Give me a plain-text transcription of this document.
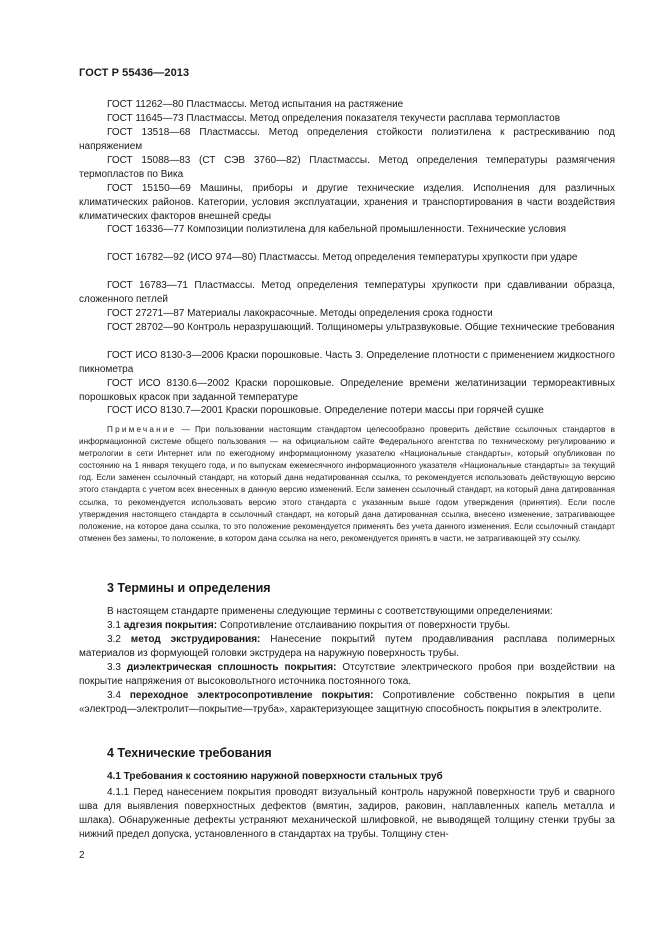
ГОСТ Р 55436—2013

ГОСТ 11262—80 Пластмассы. Метод испытания на растяжение

ГОСТ 11645—73 Пластмассы. Метод определения показателя текучести расплава термопластов

ГОСТ 13518—68 Пластмассы. Метод определения стойкости полиэтилена к растрескиванию под напряжением

ГОСТ 15088—83 (СТ СЭВ 3760—82) Пластмассы. Метод определения температуры размягчения термопластов по Вика

ГОСТ 15150—69 Машины, приборы и другие технические изделия. Исполнения для различных климатических районов. Категории, условия эксплуатации, хранения и транспортирования в части воздействия климатических факторов внешней среды

ГОСТ 16336—77 Композиции полиэтилена для кабельной промышленности. Технические условия

ГОСТ 16782—92 (ИСО 974—80) Пластмассы. Метод определения температуры хрупкости при ударе

ГОСТ 16783—71 Пластмассы. Метод определения температуры хрупкости при сдавливании образца, сложенного петлей

ГОСТ 27271—87 Материалы лакокрасочные. Методы определения срока годности

ГОСТ 28702—90 Контроль неразрушающий. Толщиномеры ультразвуковые. Общие технические требования

ГОСТ ИСО 8130-3—2006 Краски порошковые. Часть 3. Определение плотности с применением жидкостного пикнометра

ГОСТ ИСО 8130.6—2002 Краски порошковые. Определение времени желатинизации термореактивных порошковых красок при заданной температуре

ГОСТ ИСО 8130.7—2001 Краски порошковые. Определение потери массы при горячей сушке

Примечание — При пользовании настоящим стандартом целесообразно проверить действие ссылочных стандартов в информационной системе общего пользования — на официальном сайте Федерального агентства по техническому регулированию и метрологии в сети Интернет или по ежегодному информационному указателю «Национальные стандарты», который опубликован по состоянию на 1 января текущего года, и по выпускам ежемесячного информационного указателя «Национальные стандарты» за текущий год. Если заменен ссылочный стандарт, на который дана недатированная ссылка, то рекомендуется использовать действующую версию этого стандарта с учетом всех внесенных в данную версию изменений. Если заменен ссылочный стандарт, на который дана датированная ссылка, то рекомендуется использовать версию этого стандарта с указанным выше годом утверждения (принятия). Если после утверждения настоящего стандарта в ссылочный стандарт, на который дана датированная ссылка, внесено изменение, затрагивающее положение, на которое дана ссылка, то это положение рекомендуется применять без учета данного изменения. Если ссылочный стандарт отменен без замены, то положение, в котором дана ссылка на него, рекомендуется принять в части, не затрагивающей эту ссылку.

3 Термины и определения

В настоящем стандарте применены следующие термины с соответствующими определениями:

3.1 адгезия покрытия: Сопротивление отслаиванию покрытия от поверхности трубы.

3.2 метод экструдирования: Нанесение покрытий путем продавливания расплава полимерных материалов из формующей головки экструдера на наружную поверхность трубы.

3.3 диэлектрическая сплошность покрытия: Отсутствие электрического пробоя при воздействии на покрытие напряжения от высоковольтного источника постоянного тока.

3.4 переходное электросопротивление покрытия: Сопротивление собственно покрытия в цепи «электрод—электролит—покрытие—труба», характеризующее защитную способность покрытия в электролите.

4 Технические требования
4.1 Требования к состоянию наружной поверхности стальных труб

4.1.1 Перед нанесением покрытия проводят визуальный контроль наружной поверхности труб и сварного шва для выявления поверхностных дефектов (вмятин, задиров, раковин, наплавленных капель металла и шлака). Обнаруженные дефекты устраняют механической шлифовкой, не выводящей толщину стенки трубы за нижний предел допуска, установленного в стандартах на трубы. Толщину стен-

2
